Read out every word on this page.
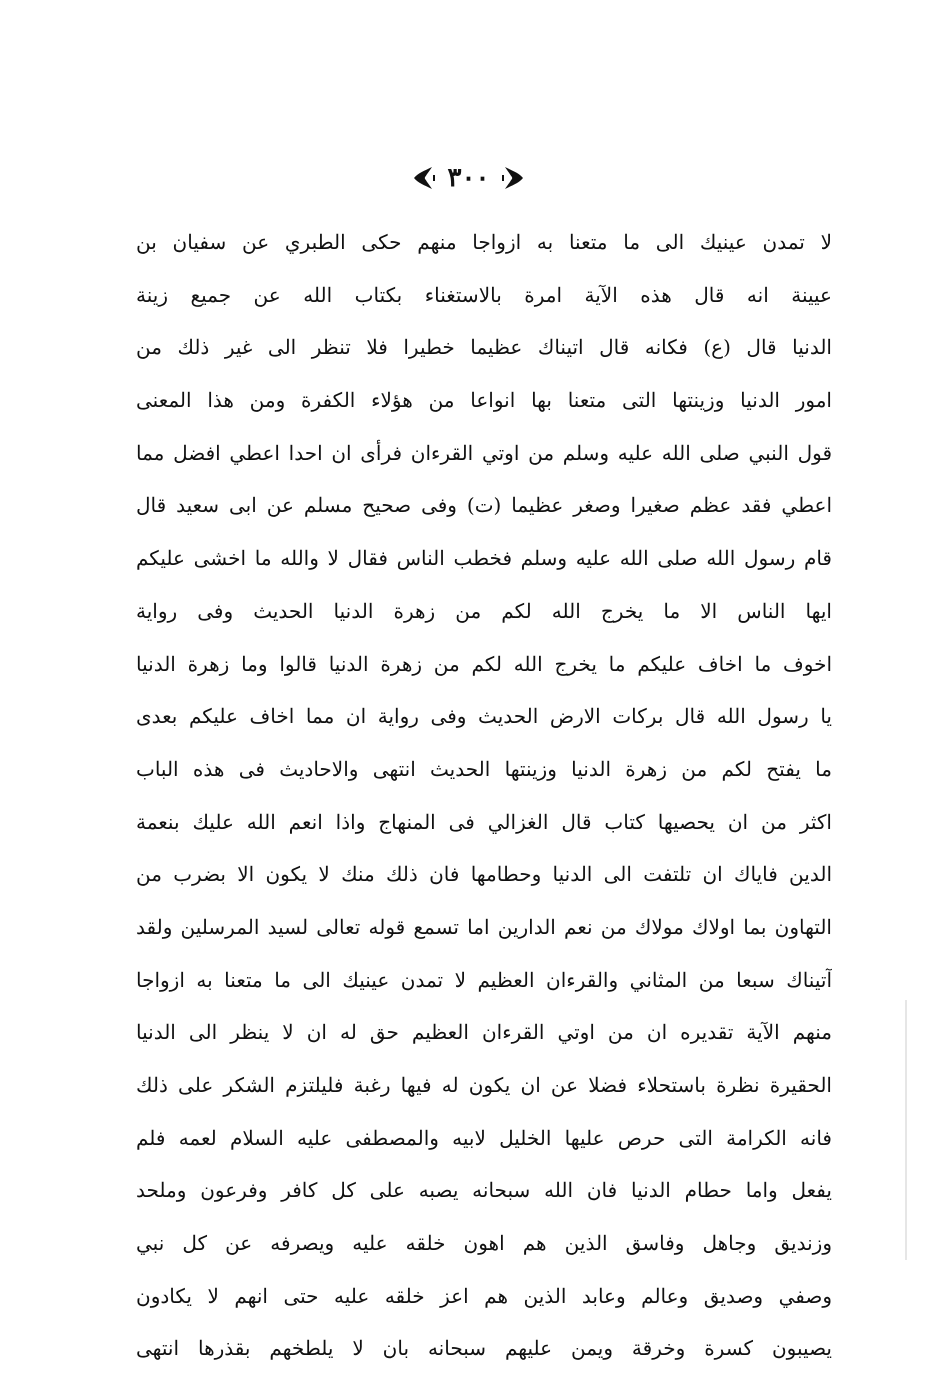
٣٠٠
لا تمدن عينيك الى ما متعنا به ازواجا منهم حكى الطبري عن سفيان بن
عيينة انه قال هذه الآية امرة بالاستغناء بكتاب الله عن جميع زينة
الدنيا قال (ع) فكانه قال اتيناك عظيما خطيرا فلا تنظر الى غير ذلك من
امور الدنيا وزينتها التى متعنا بها انواعا من هؤلاء الكفرة ومن هذا المعنى
قول النبي صلى الله عليه وسلم من اوتي القرءان فرأى ان احدا اعطي افضل مما
اعطي فقد عظم صغيرا وصغر عظيما (ت) وفى صحيح مسلم عن ابى سعيد قال
قام رسول الله صلى الله عليه وسلم فخطب الناس فقال لا والله ما اخشى عليكم
ايها الناس الا ما يخرج الله لكم من زهرة الدنيا الحديث وفى رواية
اخوف ما اخاف عليكم ما يخرج الله لكم من زهرة الدنيا قالوا وما زهرة الدنيا
يا رسول الله قال بركات الارض الحديث وفى رواية ان مما اخاف عليكم بعدى
ما يفتح لكم من زهرة الدنيا وزينتها الحديث انتهى والاحاديث فى هذه الباب
اكثر من ان يحصيها كتاب قال الغزالي فى المنهاج واذا انعم الله عليك بنعمة
الدين فاياك ان تلتفت الى الدنيا وحطامها فان ذلك منك لا يكون الا بضرب من
التهاون بما اولاك مولاك من نعم الدارين اما تسمع قوله تعالى لسيد المرسلين ولقد
آتيناك سبعا من المثاني والقرءان العظيم لا تمدن عينيك الى ما متعنا به ازواجا
منهم الآية تقديره ان من اوتي القرءان العظيم حق له ان لا ينظر الى الدنيا
الحقيرة نظرة باستحلاء فضلا عن ان يكون له فيها رغبة فليلتزم الشكر على ذلك
فانه الكرامة التى حرص عليها الخليل لابيه والمصطفى عليه السلام لعمه فلم
يفعل واما حطام الدنيا فان الله سبحانه يصبه على كل كافر وفرعون وملحد
وزنديق وجاهل وفاسق الذين هم اهون خلقه عليه ويصرفه عن كل نبي
وصفي وصديق وعالم وعابد الذين هم اعز خلقه عليه حتى انهم لا يكادون
يصيبون كسرة وخرقة ويمن عليهم سبحانه بان لا يلطخهم بقذرها انتهى
